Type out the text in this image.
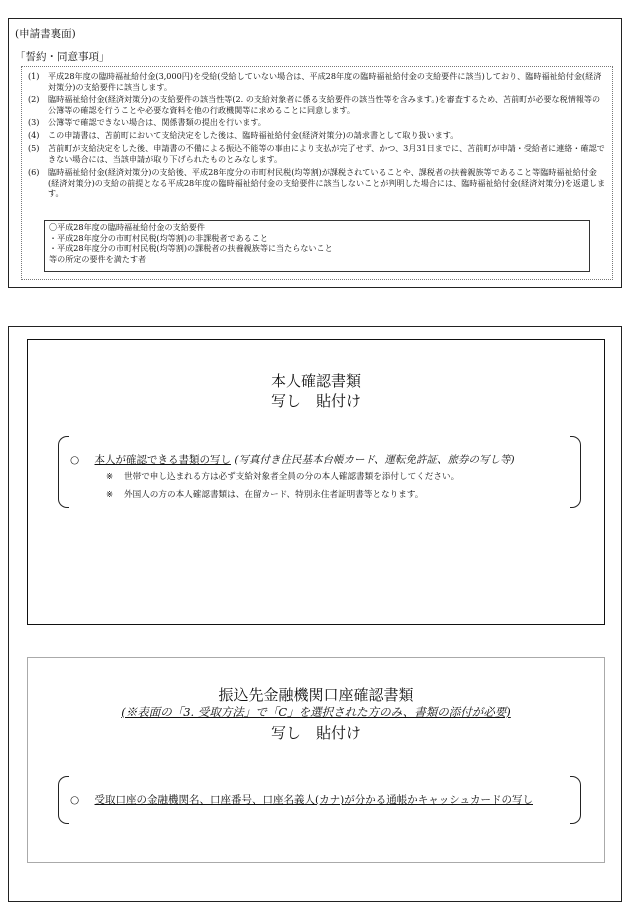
(申請書裏面)
「誓約・同意事項」
(1) 平成28年度の臨時福祉給付金(3,000円)を受給(受給していない場合は、平成28年度の臨時福祉給付金の支給要件に該当)しており、臨時福祉給付金(経済対策分)の支給要件に該当します。
(2) 臨時福祉給付金(経済対策分)の支給要件の該当性等(2. の支給対象者に係る支給要件の該当性等を含みます。)を審査するため、苫前町が必要な税情報等の公簿等の確認を行うことや必要な資料を他の行政機関等に求めることに同意します。
(3) 公簿等で確認できない場合は、関係書類の提出を行います。
(4) この申請書は、苫前町において支給決定をした後は、臨時福祉給付金(経済対策分)の請求書として取り扱います。
(5) 苫前町が支給決定をした後、申請書の不備による振込不能等の事由により支払が完了せず、かつ、3月31日までに、苫前町が申請・受給者に連絡・確認できない場合には、当該申請が取り下げられたものとみなします。
(6) 臨時福祉給付金(経済対策分)の支給後、平成28年度分の市町村民税(均等割)が課税されていることや、課税者の扶養親族等であること等臨時福祉給付金(経済対策分)の支給の前提となる平成28年度の臨時福祉給付金の支給要件に該当しないことが判明した場合には、臨時福祉給付金(経済対策分)を返還します。
〇平成28年度の臨時福祉給付金の支給要件
・平成28年度分の市町村民税(均等割)の非課税者であること
・平成28年度分の市町村民税(均等割)の課税者の扶養親族等に当たらないこと
等の所定の要件を満たす者
本人確認書類
写し　貼付け
○ 本人が確認できる書類の写し (写真付き住民基本台帳カード、運転免許証、旅券の写し等)
※ 世帯で申し込まれる方は必ず支給対象者全員の分の本人確認書類を添付してください。
※ 外国人の方の本人確認書類は、在留カード、特別永住者証明書等となります。
振込先金融機関口座確認書類
(※表面の「3. 受取方法」で「C」を選択された方のみ、書類の添付が必要)
写し　貼付け
○ 受取口座の金融機関名、口座番号、口座名義人(カナ)が分かる通帳かキャッシュカードの写し
